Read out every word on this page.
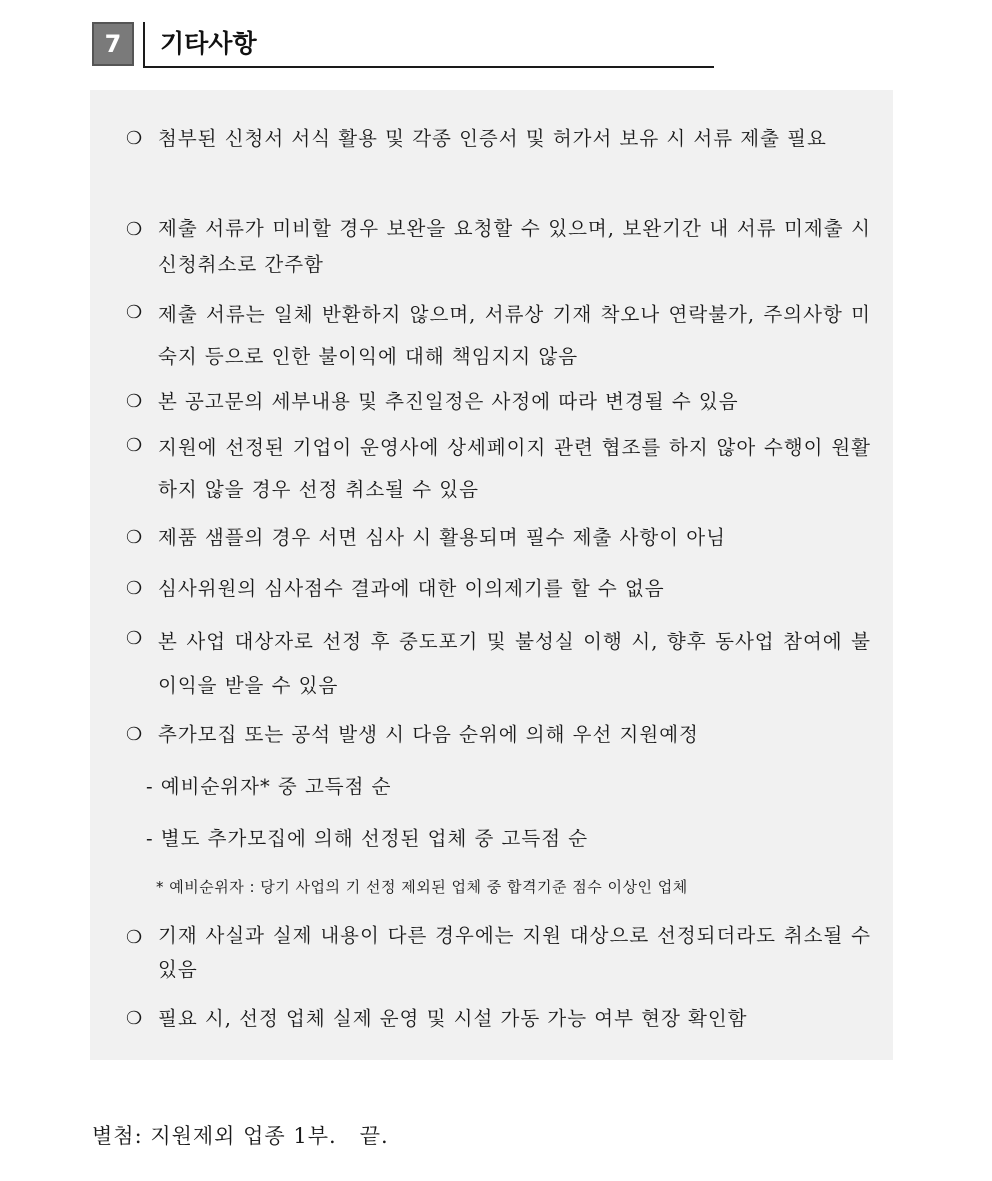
7	기타사항
❍ 첨부된 신청서 서식 활용 및 각종 인증서 및 허가서 보유 시 서류 제출 필요
❍ 제출 서류가 미비할 경우 보완을 요청할 수 있으며, 보완기간 내 서류 미제출 시 신청취소로 간주함
❍ 제출 서류는 일체 반환하지 않으며, 서류상 기재 착오나 연락불가, 주의사항 미숙지 등으로 인한 불이익에 대해 책임지지 않음
❍ 본 공고문의 세부내용 및 추진일정은 사정에 따라 변경될 수 있음
❍ 지원에 선정된 기업이 운영사에 상세페이지 관련 협조를 하지 않아 수행이 원활하지 않을 경우 선정 취소될 수 있음
❍ 제품 샘플의 경우 서면 심사 시 활용되며 필수 제출 사항이 아님
❍ 심사위원의 심사점수 결과에 대한 이의제기를 할 수 없음
❍ 본 사업 대상자로 선정 후 중도포기 및 불성실 이행 시, 향후 동사업 참여에 불이익을 받을 수 있음
❍ 추가모집 또는 공석 발생 시 다음 순위에 의해 우선 지원예정
- 예비순위자* 중 고득점 순
- 별도 추가모집에 의해 선정된 업체 중 고득점 순
* 예비순위자 : 당기 사업의 기 선정 제외된 업체 중 합격기준 점수 이상인 업체
❍ 기재 사실과 실제 내용이 다른 경우에는 지원 대상으로 선정되더라도 취소될 수 있음
❍ 필요 시, 선정 업체 실제 운영 및 시설 가동 가능 여부 현장 확인함
별첨: 지원제외 업종 1부.   끝.
